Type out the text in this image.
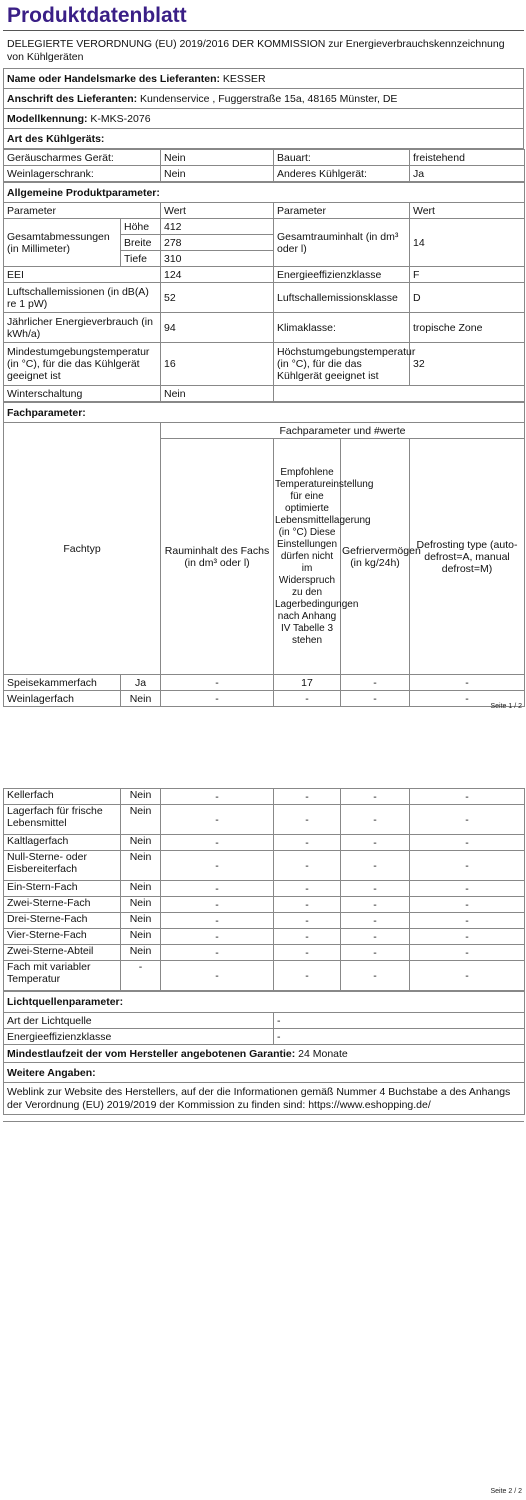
Produktdatenblatt
DELEGIERTE VERORDNUNG (EU) 2019/2016 DER KOMMISSION zur Energieverbrauchskennzeichnung von Kühlgeräten
Name oder Handelsmarke des Lieferanten: KESSER
Anschrift des Lieferanten: Kundenservice , Fuggerstraße 15a, 48165 Münster, DE
Modellkennung: K-MKS-2076
Art des Kühlgeräts:
Geräuscharmes Gerät:	Nein	Bauart:	freistehend
Weinlagerschrank:	Nein	Anderes Kühlgerät:	Ja
Allgemeine Produktparameter:				
Parameter		Wert	Parameter	Wert
Gesamtabmessungen (in Millimeter)	Höhe	412	Gesamtrauminhalt (in dm³ oder l)	14
	Breite	278		
	Tiefe	310		
EEI		124	Energieeffizienzklasse	F
Luftschallemissionen (in dB(A) re 1 pW)		52	Luftschallemissionsklasse	D
Jährlicher Energieverbrauch (in kWh/a)		94	Klimaklasse:	tropische Zone
Mindestumgebungstemperatur (in °C), für die das Kühlgerät geeignet ist		16	Höchstumgebungstemperatur (in °C), für die das Kühlgerät geeignet ist	32
Winterschaltung		Nein		
Fachparameter:					
Fachtyp		Fachparameter und #werte			
		Rauminhalt des Fachs (in dm³ oder l)	Empfohlene Temperatureinstellung für eine optimierte Lebensmittellagerung (in °C) Diese Einstellungen dürfen nicht im Widerspruch zu den Lagerbedingungen nach Anhang IV Tabelle 3 stehen	Gefriervermögen (in kg/24h)	Defrosting type (auto-defrost=A, manual defrost=M)
Speisekammerfach	Ja	-	17	-	-
Weinlagerfach	Nein	-	-	-	-
Seite 1 / 2
Kellerfach	Nein	-	-	-	-
Lagerfach für frische Lebensmittel	Nein	-	-	-	-
Kaltlagerfach	Nein	-	-	-	-
Null-Sterne- oder Eisbereiterfach	Nein	-	-	-	-
Ein-Stern-Fach	Nein	-	-	-	-
Zwei-Sterne-Fach	Nein	-	-	-	-
Drei-Sterne-Fach	Nein	-	-	-	-
Vier-Sterne-Fach	Nein	-	-	-	-
Zwei-Sterne-Abteil	Nein	-	-	-	-
Fach mit variabler Temperatur	-	-	-	-	-
Lichtquellenparameter:	
Art der Lichtquelle	-
Energieeffizienzklasse	-
Mindestlaufzeit der vom Hersteller angebotenen Garantie: 24 Monate	
Weitere Angaben:	
Weblink zur Website des Herstellers, auf der die Informationen gemäß Nummer 4 Buchstabe a des Anhangs der Verordnung (EU) 2019/2019 der Kommission zu finden sind: https://www.eshopping.de/	
Seite 2 / 2
